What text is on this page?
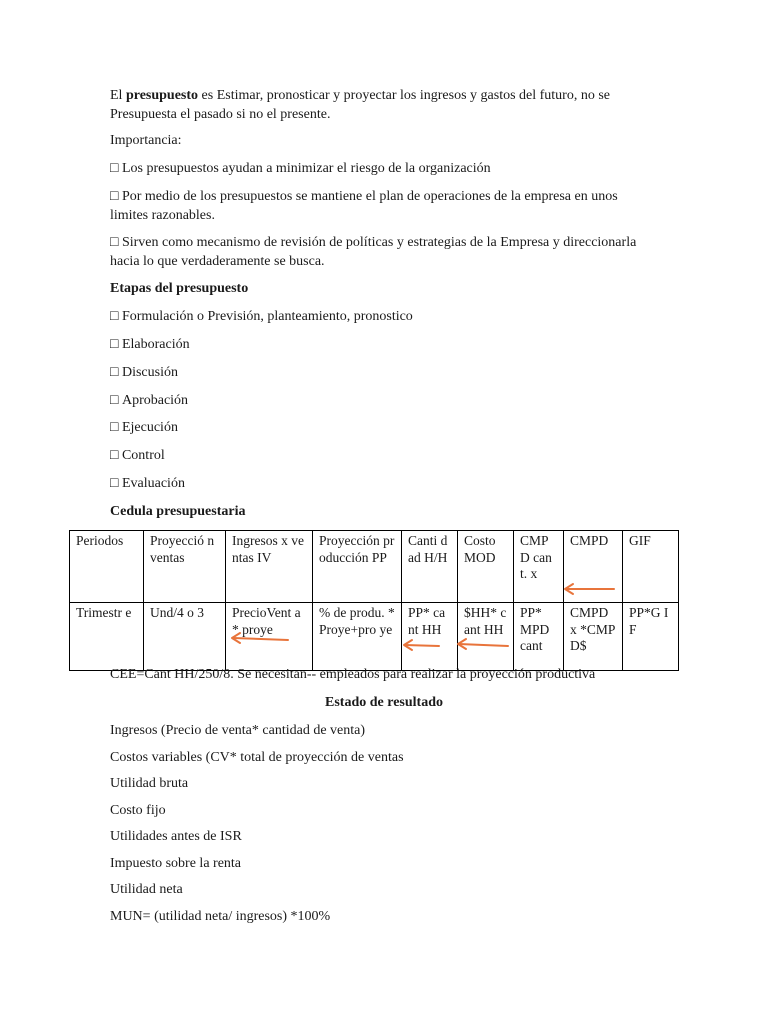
El presupuesto es Estimar, pronosticar y proyectar los ingresos y gastos del futuro, no se Presupuesta el pasado si no el presente.

Importancia:

□ Los presupuestos ayudan a minimizar el riesgo de la organización

□ Por medio de los presupuestos se mantiene el plan de operaciones de la empresa en unos limites razonables.

□ Sirven como mecanismo de revisión de políticas y estrategias de la Empresa y direccionarla hacia lo que verdaderamente se busca.

Etapas del presupuesto

□ Formulación o Previsión, planteamiento, pronostico

□ Elaboración

□ Discusión

□ Aprobación

□ Ejecución

□ Control

□ Evaluación

Cedula presupuestaria

Periodos	Proyecció n ventas	Ingresos x ventas IV	Proyección producción PP	Canti dad H/H	Costo MOD	CMP D cant. x	CMPD	GIF
Trimestr e	Und/4 o 3	PrecioVent a* proye	% de produ. *Proye+pro ye	PP* cant HH	$HH* cant HH	PP* MPD cant	CMPD x *CMP D$	PP*G IF

CEE=Cant HH/250/8. Se necesitan-- empleados para realizar la proyección productiva

Estado de resultado

Ingresos (Precio de venta* cantidad de venta)

Costos variables (CV* total de proyección de ventas

Utilidad bruta

Costo fijo

Utilidades antes de ISR

Impuesto sobre la renta

Utilidad neta

MUN= (utilidad neta/ ingresos) *100%
